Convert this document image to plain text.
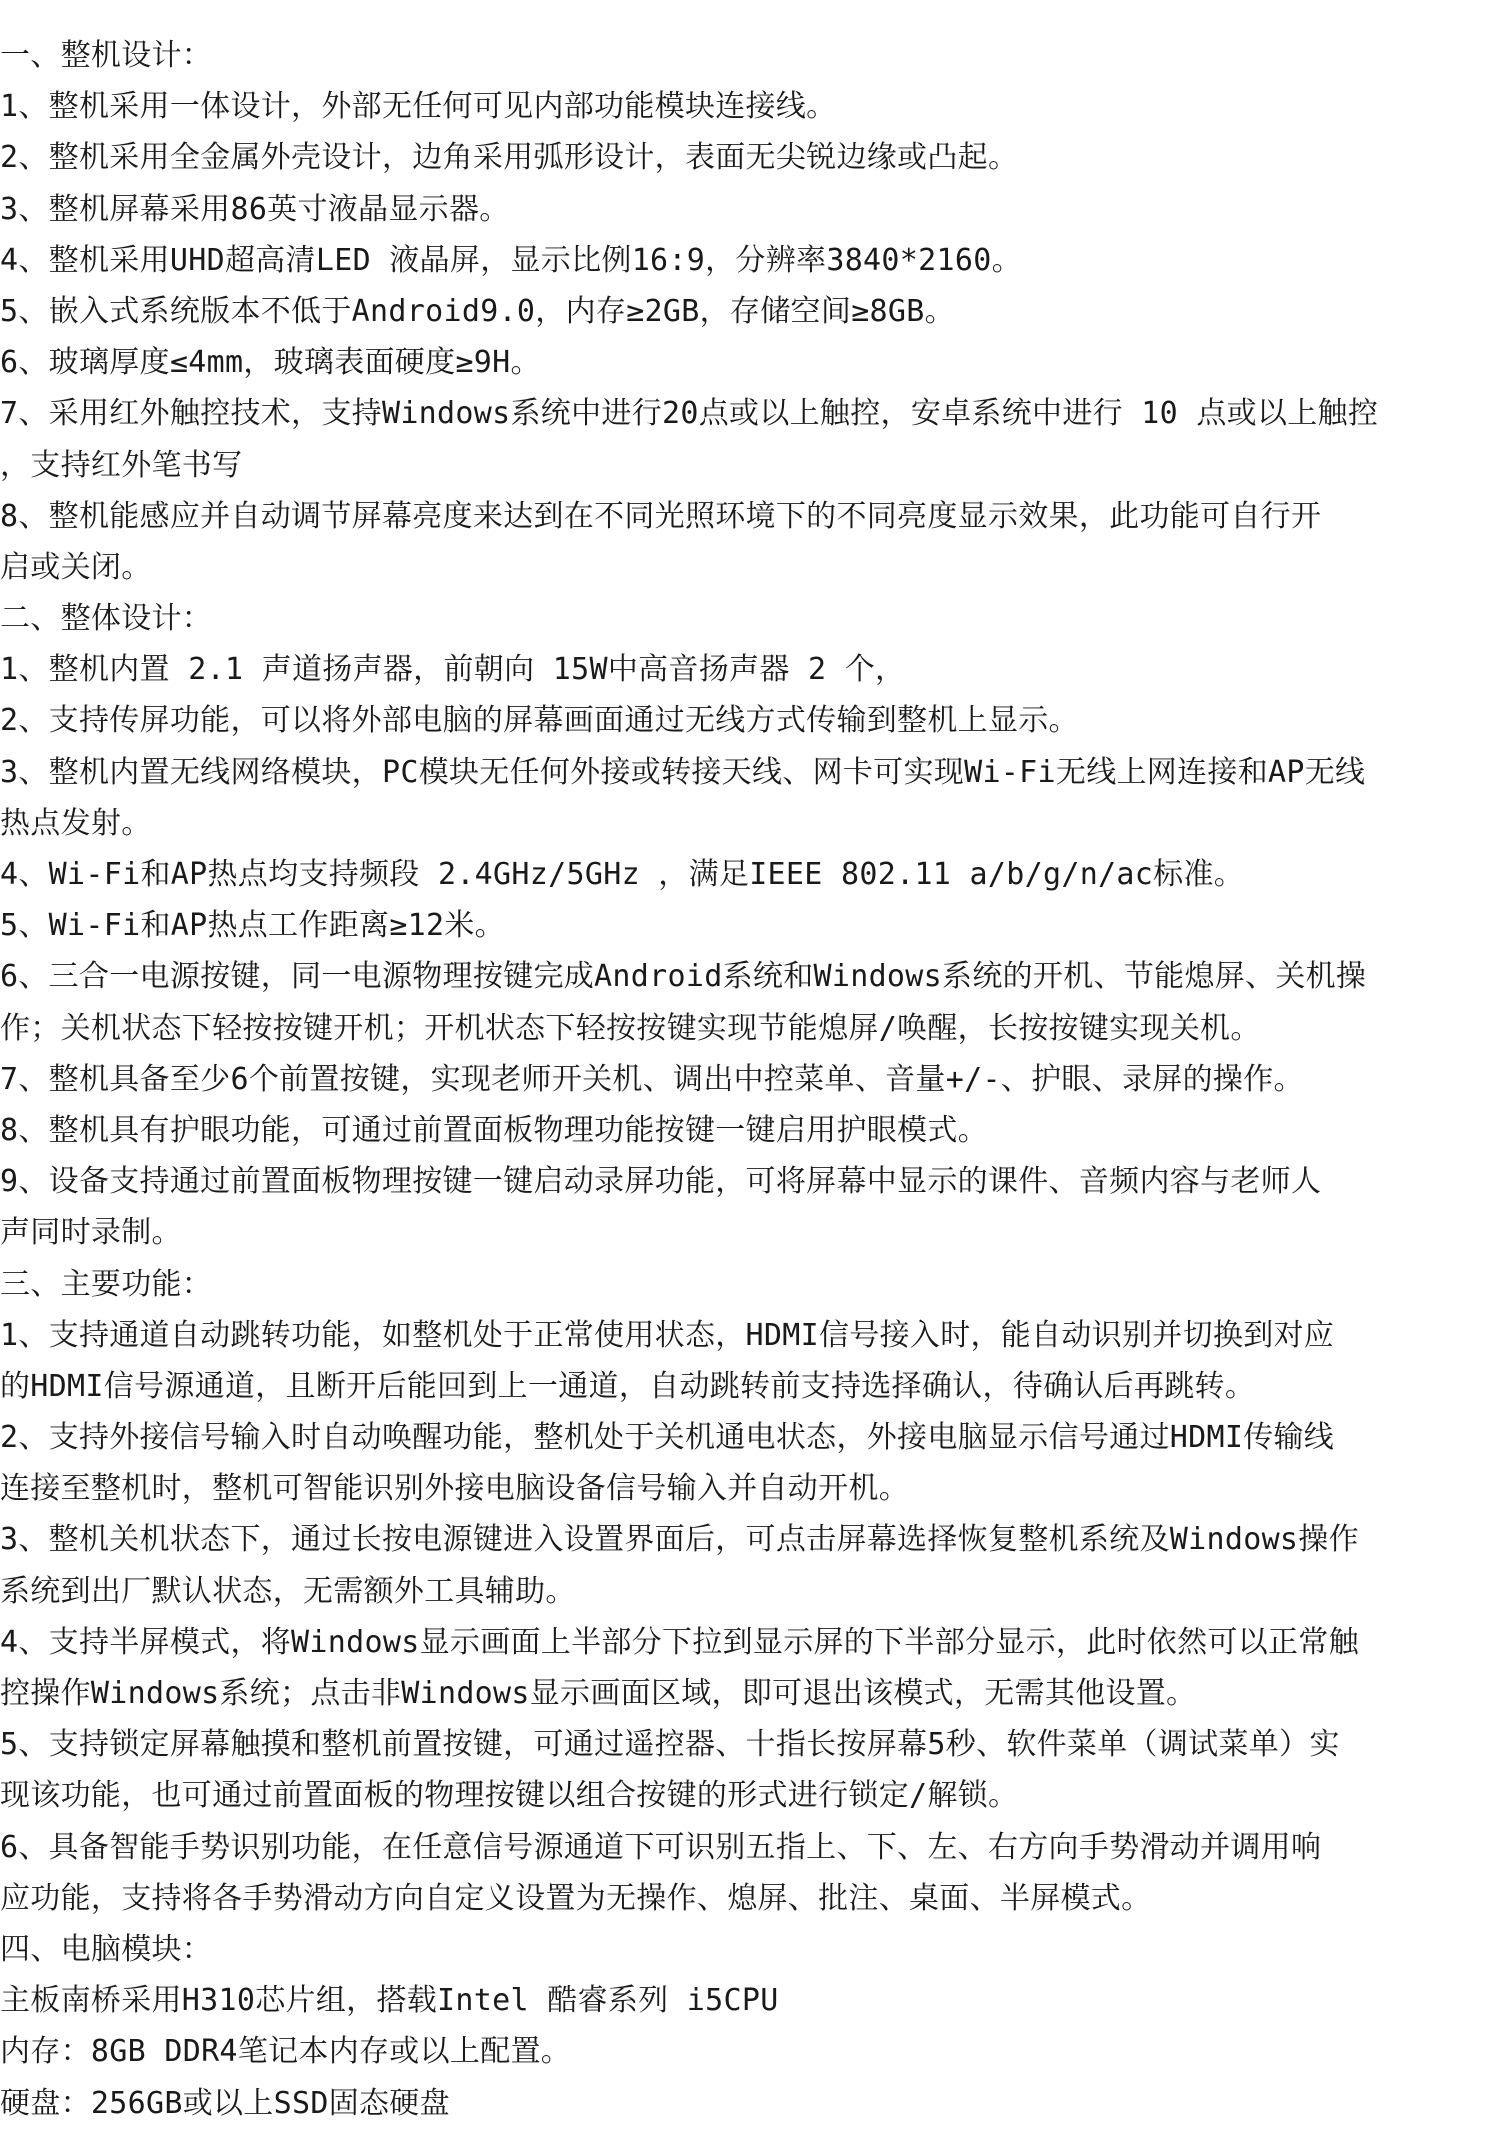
一、整机设计：
1、整机采用一体设计，外部无任何可见内部功能模块连接线。
2、整机采用全金属外壳设计，边角采用弧形设计，表面无尖锐边缘或凸起。
3、整机屏幕采用86英寸液晶显示器。
4、整机采用UHD超高清LED 液晶屏，显示比例16:9，分辨率3840*2160。
5、嵌入式系统版本不低于Android9.0，内存≥2GB，存储空间≥8GB。
6、玻璃厚度≤4mm，玻璃表面硬度≥9H。
7、采用红外触控技术，支持Windows系统中进行20点或以上触控，安卓系统中进行 10 点或以上触控
，支持红外笔书写
8、整机能感应并自动调节屏幕亮度来达到在不同光照环境下的不同亮度显示效果，此功能可自行开
启或关闭。
二、整体设计：
1、整机内置 2.1 声道扬声器，前朝向 15W中高音扬声器 2 个，
2、支持传屏功能，可以将外部电脑的屏幕画面通过无线方式传输到整机上显示。
3、整机内置无线网络模块，PC模块无任何外接或转接天线、网卡可实现Wi-Fi无线上网连接和AP无线
热点发射。
4、Wi-Fi和AP热点均支持频段 2.4GHz/5GHz ，满足IEEE 802.11 a/b/g/n/ac标准。
5、Wi-Fi和AP热点工作距离≥12米。
6、三合一电源按键，同一电源物理按键完成Android系统和Windows系统的开机、节能熄屏、关机操
作；关机状态下轻按按键开机；开机状态下轻按按键实现节能熄屏/唤醒，长按按键实现关机。
7、整机具备至少6个前置按键，实现老师开关机、调出中控菜单、音量+/-、护眼、录屏的操作。
8、整机具有护眼功能，可通过前置面板物理功能按键一键启用护眼模式。
9、设备支持通过前置面板物理按键一键启动录屏功能，可将屏幕中显示的课件、音频内容与老师人
声同时录制。
三、主要功能：
1、支持通道自动跳转功能，如整机处于正常使用状态，HDMI信号接入时，能自动识别并切换到对应
的HDMI信号源通道，且断开后能回到上一通道，自动跳转前支持选择确认，待确认后再跳转。
2、支持外接信号输入时自动唤醒功能，整机处于关机通电状态，外接电脑显示信号通过HDMI传输线
连接至整机时，整机可智能识别外接电脑设备信号输入并自动开机。
3、整机关机状态下，通过长按电源键进入设置界面后，可点击屏幕选择恢复整机系统及Windows操作
系统到出厂默认状态，无需额外工具辅助。
4、支持半屏模式，将Windows显示画面上半部分下拉到显示屏的下半部分显示，此时依然可以正常触
控操作Windows系统；点击非Windows显示画面区域，即可退出该模式，无需其他设置。
5、支持锁定屏幕触摸和整机前置按键，可通过遥控器、十指长按屏幕5秒、软件菜单（调试菜单）实
现该功能，也可通过前置面板的物理按键以组合按键的形式进行锁定/解锁。
6、具备智能手势识别功能，在任意信号源通道下可识别五指上、下、左、右方向手势滑动并调用响
应功能，支持将各手势滑动方向自定义设置为无操作、熄屏、批注、桌面、半屏模式。
四、电脑模块：
主板南桥采用H310芯片组，搭载Intel 酷睿系列 i5CPU
内存：8GB DDR4笔记本内存或以上配置。
硬盘：256GB或以上SSD固态硬盘
